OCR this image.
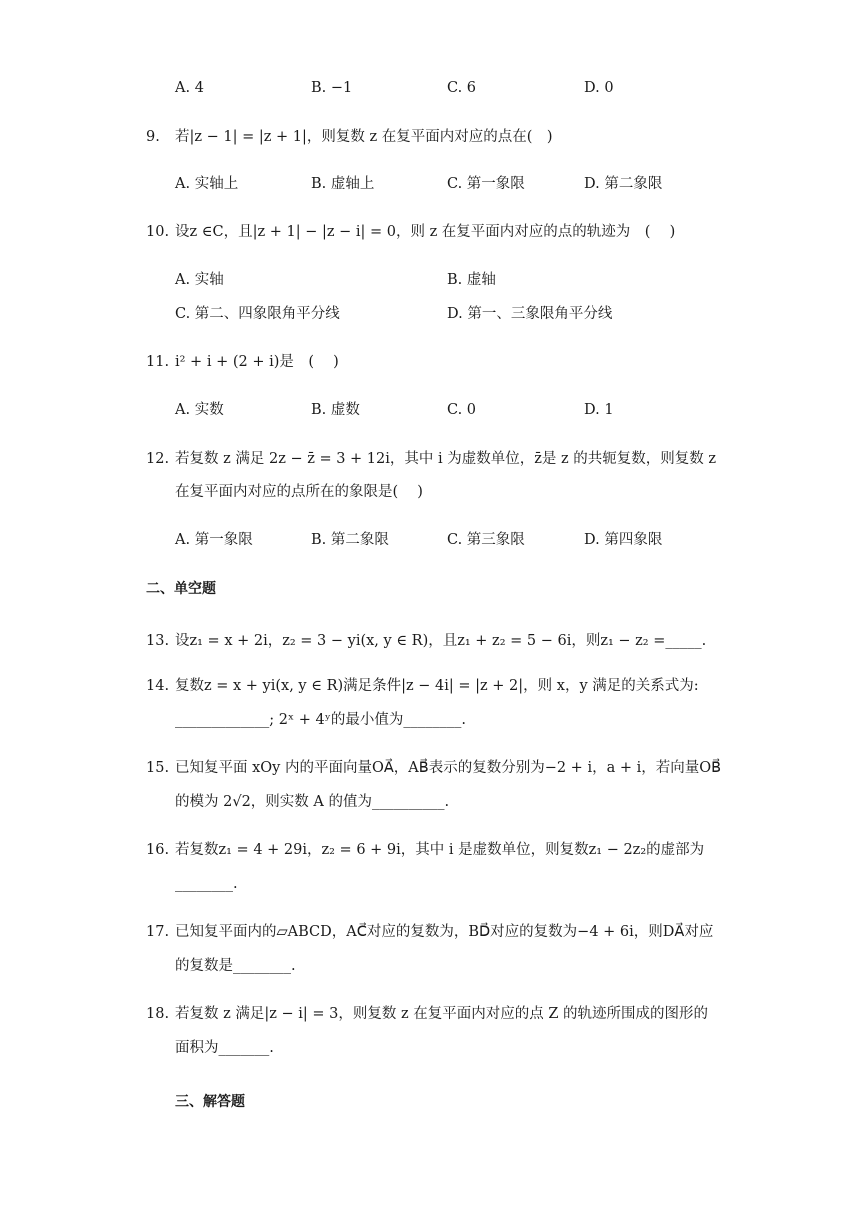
A. 4	B. −1	C. 6	D. 0
9. 若|z − 1| = |z + 1|，则复数 z 在复平面内对应的点在(　)
A. 实轴上	B. 虚轴上	C. 第一象限	D. 第二象限
10. 设z ∈C，且|z + 1| − |z − i| = 0，则 z 在复平面内对应的点的轨迹为　(　 )
A. 实轴	B. 虚轴
C. 第二、四象限角平分线	D. 第一、三象限角平分线
11. i² + i + (2 + i)是　(　 )
A. 实数	B. 虚数	C. 0	D. 1
12. 若复数 z 满足 2z − z̄ = 3 + 12i，其中 i 为虚数单位，z̄是 z 的共轭复数，则复数 z
在复平面内对应的点所在的象限是(　 )
A. 第一象限	B. 第二象限	C. 第三象限	D. 第四象限
二、单空题
13. 设z₁ = x + 2i，z₂ = 3 − yi(x, y ∈ R)，且z₁ + z₂ = 5 − 6i，则z₁ − z₂ =_____.
14. 复数z = x + yi(x, y ∈ R)满足条件|z − 4i| = |z + 2|，则 x，y 满足的关系式为:
_____________; 2ˣ + 4ʸ的最小值为________.
15. 已知复平面 xOy 内的平面向量OA⃗，AB⃗表示的复数分别为−2 + i，a + i，若向量OB⃗
的模为 2√2，则实数 A 的值为__________.
16. 若复数z₁ = 4 + 29i，z₂ = 6 + 9i，其中 i 是虚数单位，则复数z₁ − 2z₂的虚部为
________.
17. 已知复平面内的▱ABCD，AC⃗对应的复数为，BD⃗对应的复数为−4 + 6i，则DA⃗对应
的复数是________.
18. 若复数 z 满足|z − i| = 3，则复数 z 在复平面内对应的点 Z 的轨迹所围成的图形的
面积为_______.
三、解答题
